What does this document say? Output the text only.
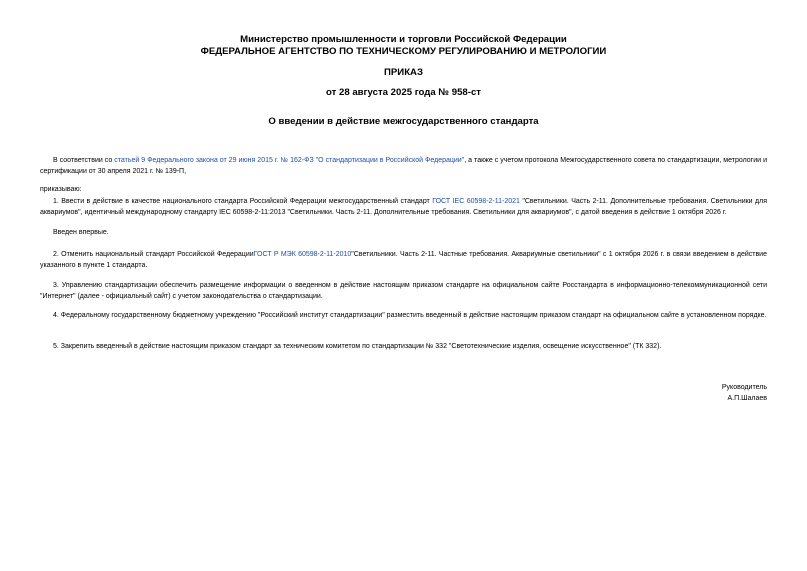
Министерство промышленности и торговли Российской Федерации
ФЕДЕРАЛЬНОЕ АГЕНТСТВО ПО ТЕХНИЧЕСКОМУ РЕГУЛИРОВАНИЮ И МЕТРОЛОГИИ
ПРИКАЗ
от 28 августа 2025 года № 958-ст
О введении в действие межгосударственного стандарта
В соответствии со статьей 9 Федерального закона от 29 июня 2015 г. № 162-ФЗ "О стандартизации в Российской Федерации", а также с учетом протокола Межгосударственного совета по стандартизации, метрологии и сертификации от 30 апреля 2021 г. № 139-П,
приказываю:
1. Ввести в действие в качестве национального стандарта Российской Федерации межгосударственный стандарт ГОСТ IEC 60598-2-11-2021 "Светильники. Часть 2-11. Дополнительные требования. Светильники для аквариумов", идентичный международному стандарту IEC 60598-2-11:2013 "Светильники. Часть 2-11. Дополнительные требования. Светильники для аквариумов", с датой введения в действие 1 октября 2026 г.
Введен впервые.
2. Отменить национальный стандарт Российской ФедерацииГОСТ Р МЭК 60598-2-11-2010"Светильники. Часть 2-11. Частные требования. Аквариумные светильники" с 1 октября 2026 г. в связи введением в действие указанного в пункте 1 стандарта.
3. Управлению стандартизации обеспечить размещение информации о введенном в действие настоящим приказом стандарте на официальном сайте Росстандарта в информационно-телекоммуникационной сети "Интернет" (далее - официальный сайт) с учетом законодательства о стандартизации.
4. Федеральному государственному бюджетному учреждению "Российский институт стандартизации" разместить введенный в действие настоящим приказом стандарт на официальном сайте в установленном порядке.
5. Закрепить введенный в действие настоящим приказом стандарт за техническим комитетом по стандартизации № 332 "Светотехнические изделия, освещение искусственное" (ТК 332).
Руководитель
А.П.Шалаев
